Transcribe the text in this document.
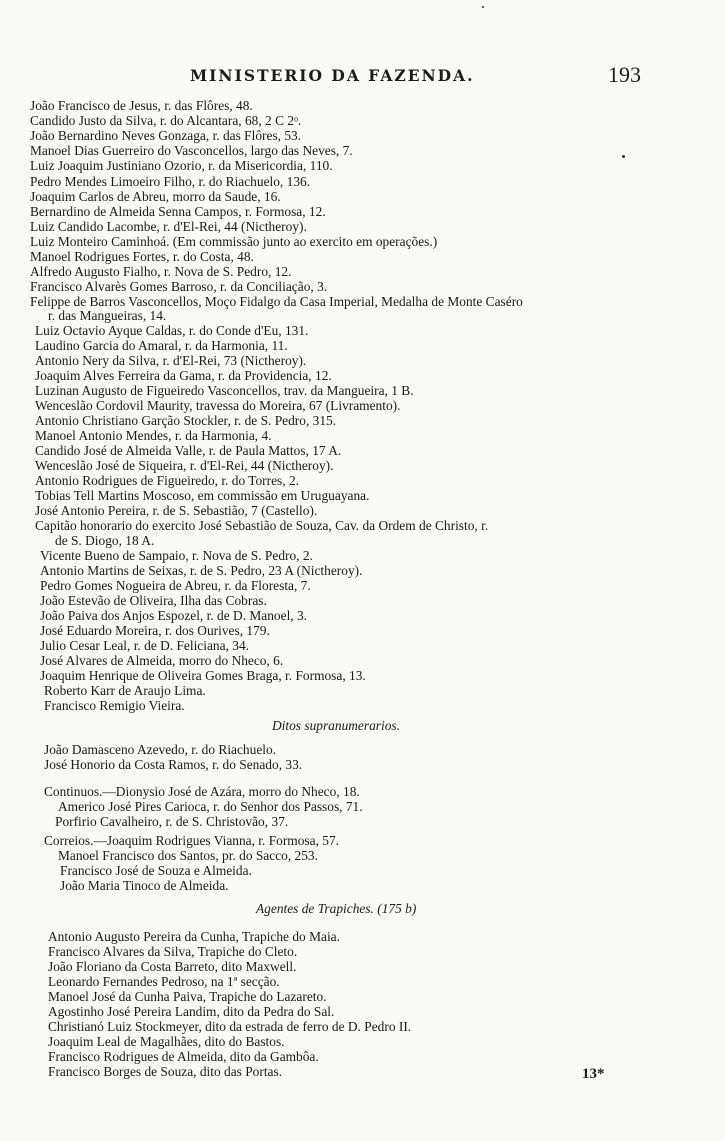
MINISTERIO DA FAZENDA.	193
João Francisco de Jesus, r. das Flôres, 48.
Candido Justo da Silva, r. do Alcantara, 68, 2 C 2ᵒ.
João Bernardino Neves Gonzaga, r. das Flôres, 53.
Manoel Dias Guerreiro do Vasconcellos, largo das Neves, 7.
Luiz Joaquim Justiniano Ozorio, r. da Misericordia, 110.
Pedro Mendes Limoeiro Filho, r. do Riachuelo, 136.
Joaquim Carlos de Abreu, morro da Saude, 16.
Bernardino de Almeida Senna Campos, r. Formosa, 12.
Luiz Candido Lacombe, r. d'El-Rei, 44 (Nictheroy).
Luiz Monteiro Caminhoá. (Em commissão junto ao exercito em operações.)
Manoel Rodrigues Fortes, r. do Costa, 48.
Alfredo Augusto Fialho, r. Nova de S. Pedro, 12.
Francisco Alvarès Gomes Barroso, r. da Conciliação, 3.
Felippe de Barros Vasconcellos, Moço Fidalgo da Casa Imperial, Medalha de Monte Caséro
r. das Mangueiras, 14.
Luiz Octavio Ayque Caldas, r. do Conde d'Eu, 131.
Laudino Garcia do Amaral, r. da Harmonia, 11.
Antonio Nery da Silva, r. d'El-Rei, 73 (Nictheroy).
Joaquim Alves Ferreira da Gama, r. da Providencia, 12.
Luzinan Augusto de Figueiredo Vasconcellos, trav. da Mangueira, 1 B.
Wenceslão Cordovil Maurity, travessa do Moreira, 67 (Livramento).
Antonio Christiano Garção Stockler, r. de S. Pedro, 315.
Manoel Antonio Mendes, r. da Harmonia, 4.
Candido José de Almeida Valle, r. de Paula Mattos, 17 A.
Wenceslão José de Siqueira, r. d'El-Rei, 44 (Nictheroy).
Antonio Rodrigues de Figueiredo, r. do Torres, 2.
Tobias Tell Martins Moscoso, em commissão em Uruguayana.
José Antonio Pereira, r. de S. Sebastião, 7 (Castello).
Capitão honorario do exercito José Sebastião de Souza, Cav. da Ordem de Christo, r.
de S. Diogo, 18 A.
Vicente Bueno de Sampaio, r. Nova de S. Pedro, 2.
Antonio Martins de Seixas, r. de S. Pedro, 23 A (Nictheroy).
Pedro Gomes Nogueira de Abreu, r. da Floresta, 7.
João Estevão de Oliveira, Ilha das Cobras.
João Paiva dos Anjos Espozel, r. de D. Manoel, 3.
José Eduardo Moreira, r. dos Ourives, 179.
Julio Cesar Leal, r. de D. Feliciana, 34.
José Alvares de Almeida, morro do Nheco, 6.
Joaquim Henrique de Oliveira Gomes Braga, r. Formosa, 13.
Roberto Karr de Araujo Lima.
Francisco Remigio Vieira.
Ditos supranumerarios.
João Damasceno Azevedo, r. do Riachuelo.
José Honorio da Costa Ramos, r. do Senado, 33.
Continuos.—Dionysio José de Azára, morro do Nheco, 18.
Americo José Pires Carioca, r. do Senhor dos Passos, 71.
Porfirio Cavalheiro, r. de S. Christovão, 37.
Correios.—Joaquim Rodrigues Vianna, r. Formosa, 57.
Manoel Francisco dos Santos, pr. do Sacco, 253.
Francisco José de Souza e Almeida.
João Maria Tinoco de Almeida.
Agentes de Trapiches. (175 b)
Antonio Augusto Pereira da Cunha, Trapiche do Maia.
Francisco Alvares da Silva, Trapiche do Cleto.
João Floriano da Costa Barreto, dito Maxwell.
Leonardo Fernandes Pedroso, na 1ª secção.
Manoel José da Cunha Paiva, Trapiche do Lazareto.
Agostinho José Pereira Landim, dito da Pedra do Sal.
Christianó Luiz Stockmeyer, dito da estrada de ferro de D. Pedro II.
Joaquim Leal de Magalhães, dito do Bastos.
Francisco Rodrigues de Almeida, dito da Gambôa.
Francisco Borges de Souza, dito das Portas.	13*
